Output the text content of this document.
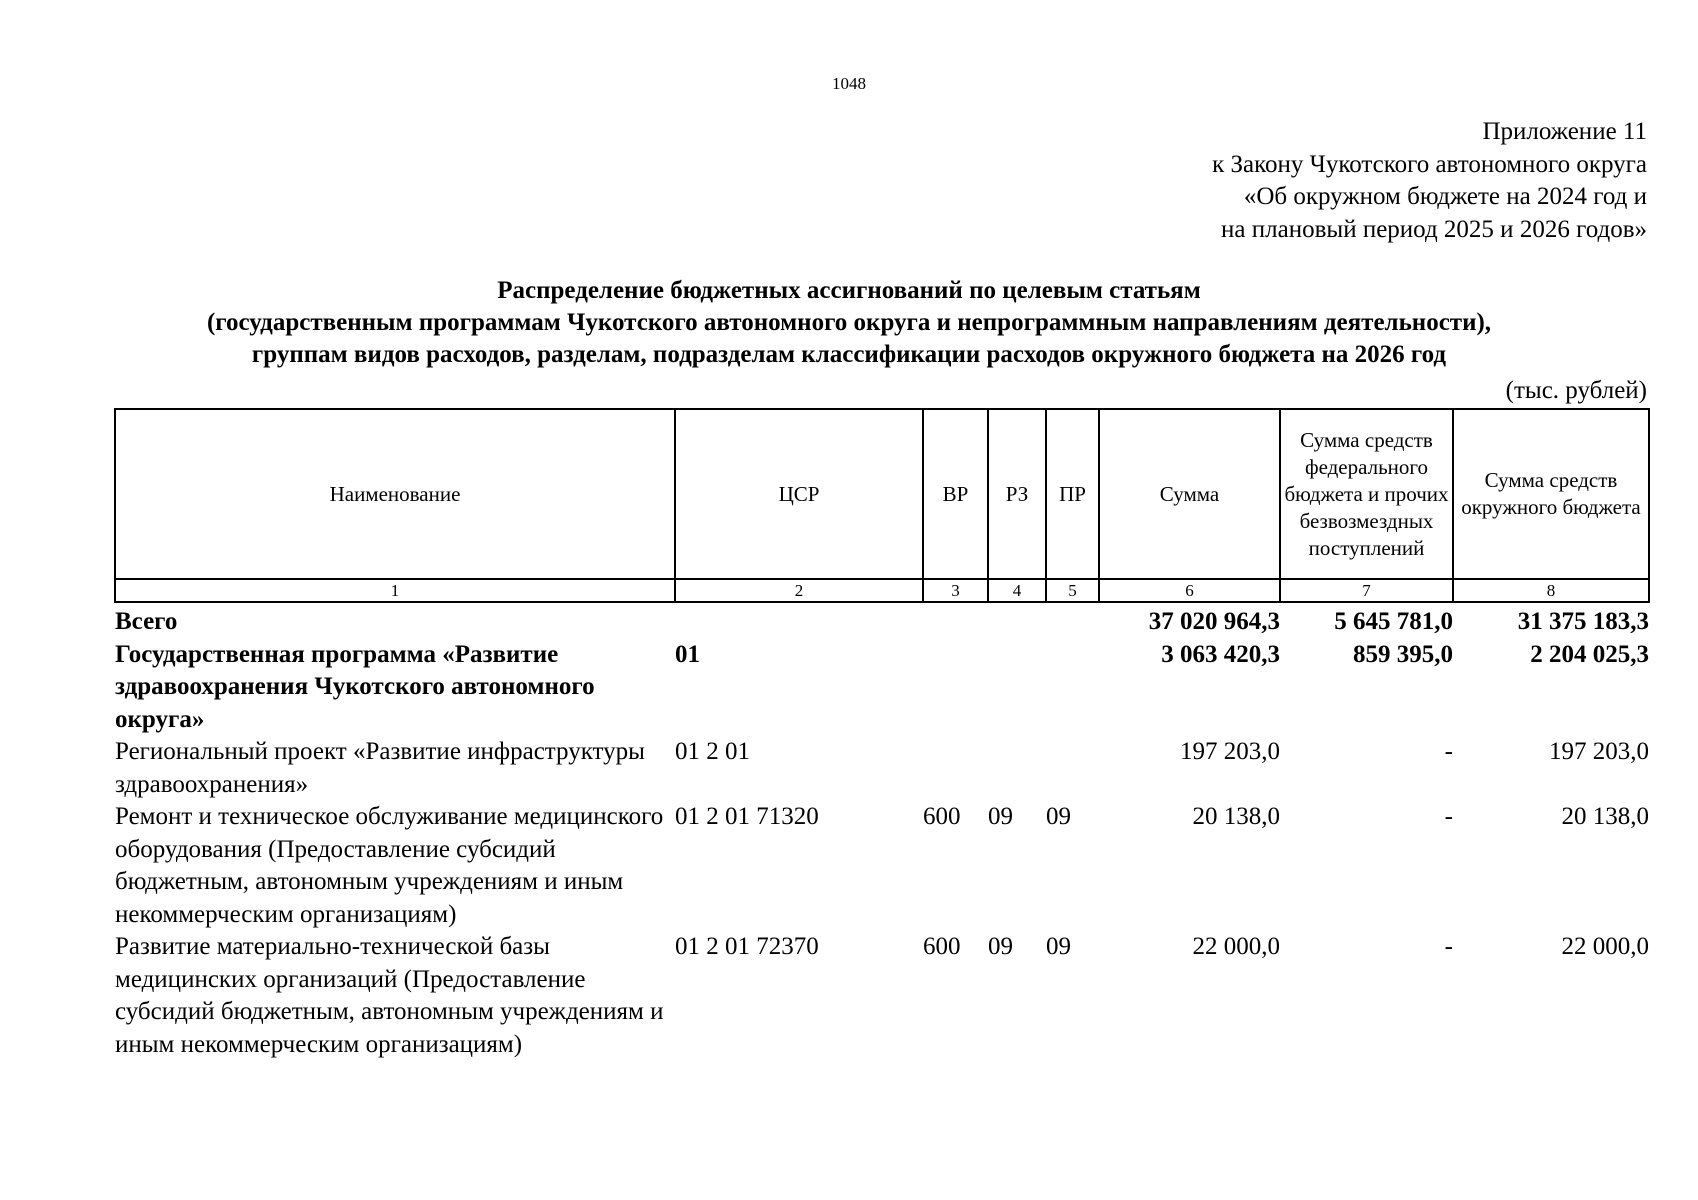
1048
Приложение 11
к Закону Чукотского автономного округа
«Об окружном бюджете на 2024 год и
на плановый период 2025 и 2026 годов»
Распределение бюджетных ассигнований по целевым статьям
(государственным программам Чукотского автономного округа и непрограммным направлениям деятельности),
группам видов расходов, разделам, подразделам классификации расходов окружного бюджета на 2026 год
(тыс. рублей)
Наименование	ЦСР	ВР	РЗ	ПР	Сумма	Сумма средств федерального бюджета и прочих безвозмездных поступлений	Сумма средств окружного бюджета
1	2	3	4	5	6	7	8
Всего					37 020 964,3	5 645 781,0	31 375 183,3
Государственная программа «Развитие здравоохранения Чукотского автономного округа»	01				3 063 420,3	859 395,0	2 204 025,3
Региональный проект «Развитие инфраструктуры здравоохранения»	01 2 01				197 203,0	-	197 203,0
Ремонт и техническое обслуживание медицинского оборудования (Предоставление субсидий бюджетным, автономным учреждениям и иным некоммерческим организациям)	01 2 01 71320	600	09	09	20 138,0	-	20 138,0
Развитие материально-технической базы медицинских организаций (Предоставление субсидий бюджетным, автономным учреждениям и иным некоммерческим организациям)	01 2 01 72370	600	09	09	22 000,0	-	22 000,0
